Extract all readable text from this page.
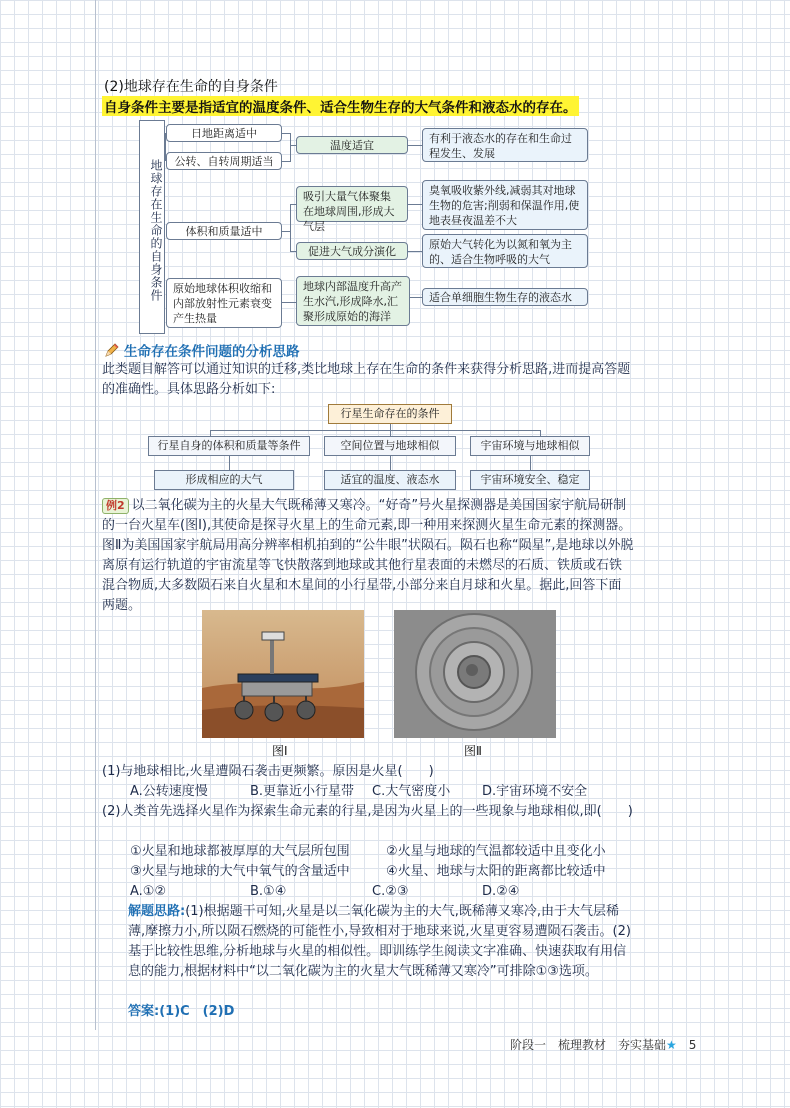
(2)地球存在生命的自身条件
自身条件主要是指适宜的温度条件、适合生物生存的大气条件和液态水的存在。
地球存在生命的自身条件
日地距离适中
公转、自转周期适当
体积和质量适中
原始地球体积收缩和内部放射性元素衰变产生热量
温度适宜
吸引大量气体聚集在地球周围,形成大气层
促进大气成分演化
地球内部温度升高产生水汽,形成降水,汇聚形成原始的海洋
有利于液态水的存在和生命过程发生、发展
臭氧吸收紫外线,减弱其对地球生物的危害;削弱和保温作用,使地表昼夜温差不大
原始大气转化为以氮和氧为主的、适合生物呼吸的大气
适合单细胞生物生存的液态水
生命存在条件问题的分析思路
此类题目解答可以通过知识的迁移,类比地球上存在生命的条件来获得分析思路,进而提高答题的准确性。具体思路分析如下:
行星生命存在的条件
行星自身的体积和质量等条件	空间位置与地球相似	宇宙环境与地球相似
形成相应的大气	适宜的温度、液态水	宇宙环境安全、稳定
例2 以二氧化碳为主的火星大气既稀薄又寒冷。“好奇”号火星探测器是美国国家宇航局研制的一台火星车(图Ⅰ),其使命是探寻火星上的生命元素,即一种用来探测火星生命元素的探测器。图Ⅱ为美国国家宇航局用高分辨率相机拍到的“公牛眼”状陨石。陨石也称“陨星”,是地球以外脱离原有运行轨道的宇宙流星等飞快散落到地球或其他行星表面的未燃尽的石质、铁质或石铁混合物质,大多数陨石来自火星和木星间的小行星带,小部分来自月球和火星。据此,回答下面两题。
图Ⅰ	图Ⅱ
(1)与地球相比,火星遭陨石袭击更频繁。原因是火星(　　)
A.公转速度慢	B.更靠近小行星带 C.大气密度小 D.宇宙环境不安全
(2)人类首先选择火星作为探索生命元素的行星,是因为火星上的一些现象与地球相似,即(　　)
①火星和地球都被厚厚的大气层所包围	②火星与地球的气温都较适中且变化小
③火星与地球的大气中氧气的含量适中	④火星、地球与太阳的距离都比较适中
A.①②	B.①④	C.②③	D.②④
解题思路:(1)根据题干可知,火星是以二氧化碳为主的大气,既稀薄又寒冷,由于大气层稀薄,摩擦力小,所以陨石燃烧的可能性小,导致相对于地球来说,火星更容易遭陨石袭击。(2)基于比较性思维,分析地球与火星的相似性。即训练学生阅读文字准确、快速获取有用信息的能力,根据材料中“以二氧化碳为主的火星大气既稀薄又寒冷”可排除①③选项。
答案:(1)C　(2)D
阶段一　梳理教材　夯实基础★ 5
